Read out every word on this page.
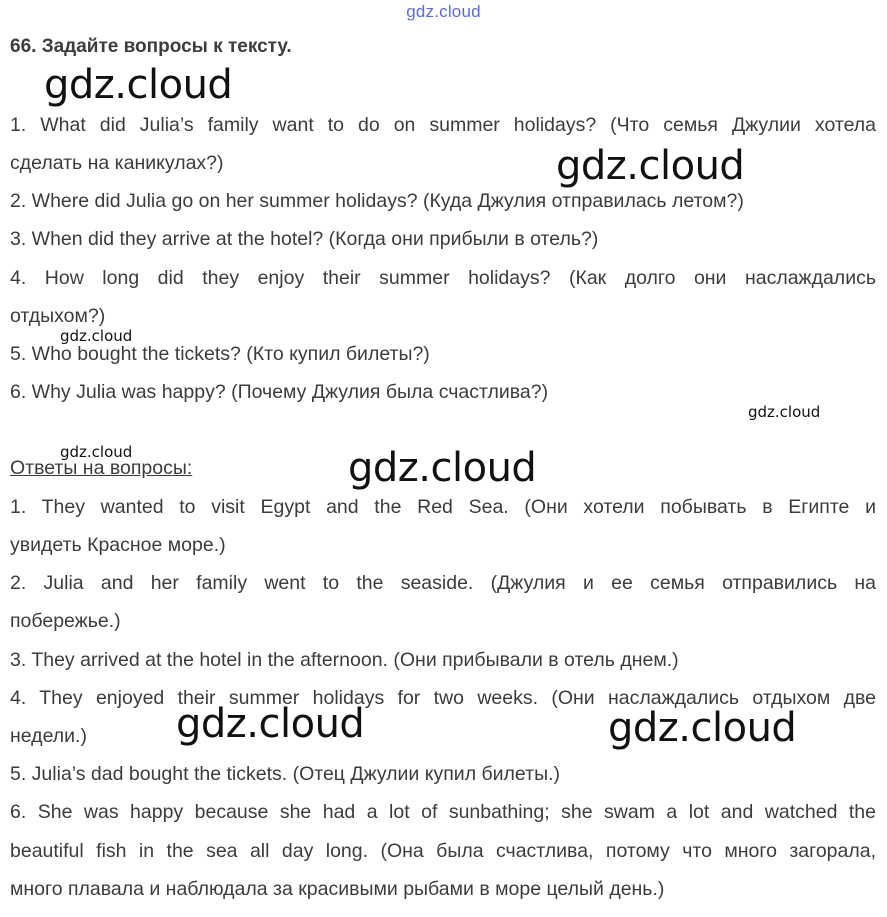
gdz.cloud
66. Задайте вопросы к тексту.
1. What did Julia’s family want to do on summer holidays? (Что семья Джулии хотела
сделать на каникулах?)
2. Where did Julia go on her summer holidays? (Куда Джулия отправилась летом?)
3. When did they arrive at the hotel? (Когда они прибыли в отель?)
4. How long did they enjoy their summer holidays? (Как долго они наслаждались
отдыхом?)
5. Who bought the tickets? (Кто купил билеты?)
6. Why Julia was happy? (Почему Джулия была счастлива?)
Ответы на вопросы:
1. They wanted to visit Egypt and the Red Sea. (Они хотели побывать в Египте и
увидеть Красное море.)
2. Julia and her family went to the seaside. (Джулия и ее семья отправились на
побережье.)
3. They arrived at the hotel in the afternoon. (Они прибывали в отель днем.)
4. They enjoyed their summer holidays for two weeks. (Они наслаждались отдыхом две
недели.)
5. Julia’s dad bought the tickets. (Отец Джулии купил билеты.)
6. She was happy because she had a lot of sunbathing; she swam a lot and watched the
beautiful fish in the sea all day long. (Она была счастлива, потому что много загорала,
много плавала и наблюдала за красивыми рыбами в море целый день.)
gdz.cloud
gdz.cloud
gdz.cloud
gdz.cloud
gdz.cloud	gdz.cloud
gdz.cloud	gdz.cloud
